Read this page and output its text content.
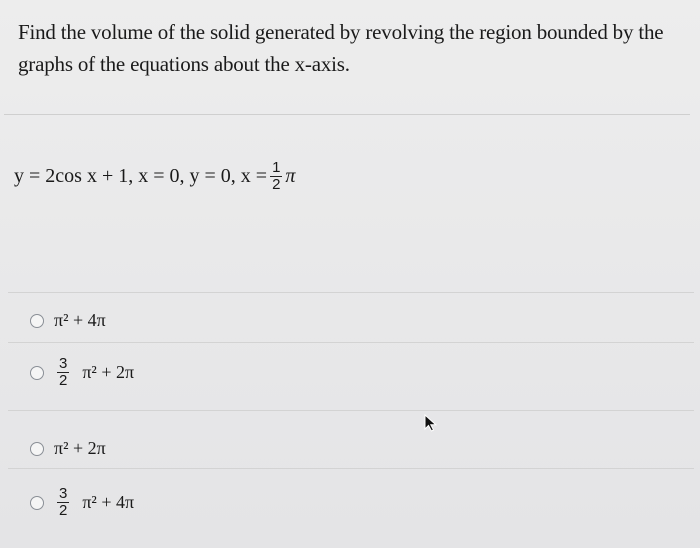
Find the volume of the solid generated by revolving the region bounded by the graphs of the equations about the x-axis.
y = 2cos x + 1, x = 0, y = 0, $x = \frac{1}{2}$ π
π² + 4π
$\frac{3}{2} \pi^2 + 2\pi$
π² + 2π
$\frac{3}{2} \pi^2 + 4\pi$
